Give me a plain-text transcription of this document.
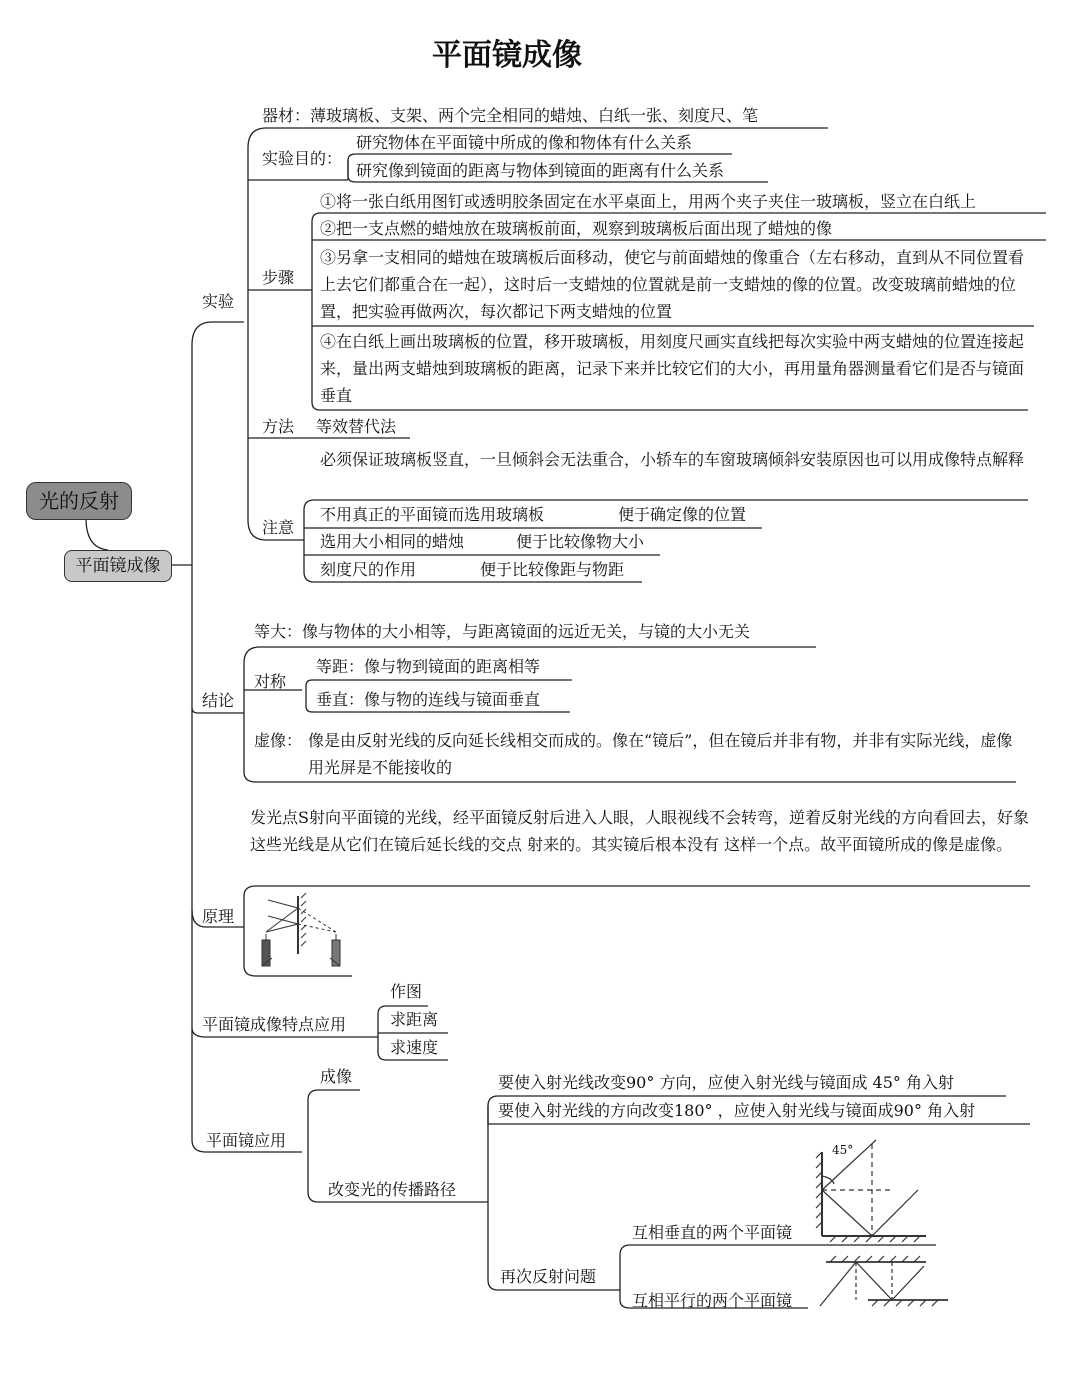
平面镜成像
光的反射
平面镜成像
实验
器材：薄玻璃板、支架、两个完全相同的蜡烛、白纸一张、刻度尺、笔
实验目的：
研究物体在平面镜中所成的像和物体有什么关系
研究像到镜面的距离与物体到镜面的距离有什么关系
步骤
①将一张白纸用图钉或透明胶条固定在水平桌面上，用两个夹子夹住一玻璃板，竖立在白纸上
②把一支点燃的蜡烛放在玻璃板前面，观察到玻璃板后面出现了蜡烛的像
③另拿一支相同的蜡烛在玻璃板后面移动，使它与前面蜡烛的像重合（左右移动，直到从不同位置看上去它们都重合在一起），这时后一支蜡烛的位置就是前一支蜡烛的像的位置。改变玻璃前蜡烛的位置，把实验再做两次，每次都记下两支蜡烛的位置
④在白纸上画出玻璃板的位置，移开玻璃板，用刻度尺画实直线把每次实验中两支蜡烛的位置连接起来，量出两支蜡烛到玻璃板的距离，记录下来并比较它们的大小，再用量角器测量看它们是否与镜面垂直
方法 等效替代法
必须保证玻璃板竖直，一旦倾斜会无法重合，小轿车的车窗玻璃倾斜安装原因也可以用成像特点解释
注意
不用真正的平面镜而选用玻璃板	便于确定像的位置
选用大小相同的蜡烛	便于比较像物大小
刻度尺的作用	便于比较像距与物距
结论
等大：像与物体的大小相等，与距离镜面的远近无关，与镜的大小无关
对称
等距：像与物到镜面的距离相等
垂直：像与物的连线与镜面垂直
虚像： 像是由反射光线的反向延长线相交而成的。像在“镜后”，但在镜后并非有物，并非有实际光线，虚像用光屏是不能接收的
原理
发光点S射向平面镜的光线，经平面镜反射后进入人眼，人眼视线不会转弯，逆着反射光线的方向看回去，好象这些光线是从它们在镜后延长线的交点 射来的。其实镜后根本没有 这样一个点。故平面镜所成的像是虚像。
平面镜成像特点应用
作图
求距离
求速度
平面镜应用
成像
改变光的传播路径
要使入射光线改变90° 方向，应使入射光线与镜面成 45° 角入射
要使入射光线的方向改变180° ，应使入射光线与镜面成90° 角入射
再次反射问题
互相垂直的两个平面镜
互相平行的两个平面镜
45°
